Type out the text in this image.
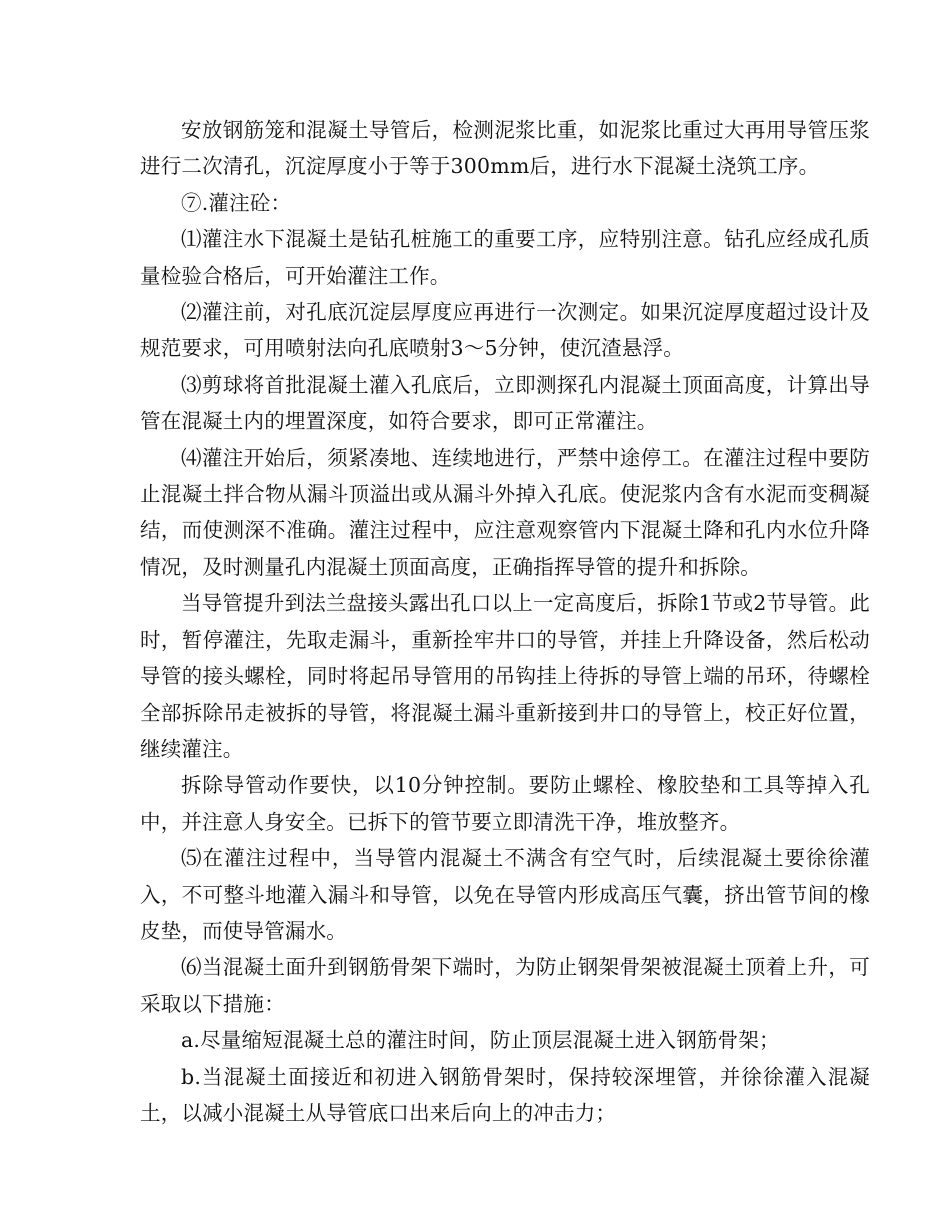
安放钢筋笼和混凝土导管后，检测泥浆比重，如泥浆比重过大再用导管压浆进行二次清孔，沉淀厚度小于等于300mm后，进行水下混凝土浇筑工序。

⑦.灌注砼：

⑴灌注水下混凝土是钻孔桩施工的重要工序，应特别注意。钻孔应经成孔质量检验合格后，可开始灌注工作。

⑵灌注前，对孔底沉淀层厚度应再进行一次测定。如果沉淀厚度超过设计及规范要求，可用喷射法向孔底喷射3～5分钟，使沉渣悬浮。

⑶剪球将首批混凝土灌入孔底后，立即测探孔内混凝土顶面高度，计算出导管在混凝土内的埋置深度，如符合要求，即可正常灌注。

⑷灌注开始后，须紧凑地、连续地进行，严禁中途停工。在灌注过程中要防止混凝土拌合物从漏斗顶溢出或从漏斗外掉入孔底。使泥浆内含有水泥而变稠凝结，而使测深不准确。灌注过程中，应注意观察管内下混凝土降和孔内水位升降情况，及时测量孔内混凝土顶面高度，正确指挥导管的提升和拆除。

当导管提升到法兰盘接头露出孔口以上一定高度后，拆除1节或2节导管。此时，暂停灌注，先取走漏斗，重新拴牢井口的导管，并挂上升降设备，然后松动导管的接头螺栓，同时将起吊导管用的吊钩挂上待拆的导管上端的吊环，待螺栓全部拆除吊走被拆的导管，将混凝土漏斗重新接到井口的导管上，校正好位置，继续灌注。

拆除导管动作要快，以10分钟控制。要防止螺栓、橡胶垫和工具等掉入孔中，并注意人身安全。已拆下的管节要立即清洗干净，堆放整齐。

⑸在灌注过程中，当导管内混凝土不满含有空气时，后续混凝土要徐徐灌入，不可整斗地灌入漏斗和导管，以免在导管内形成高压气囊，挤出管节间的橡皮垫，而使导管漏水。

⑹当混凝土面升到钢筋骨架下端时，为防止钢架骨架被混凝土顶着上升，可采取以下措施：

a.尽量缩短混凝土总的灌注时间，防止顶层混凝土进入钢筋骨架；

b.当混凝土面接近和初进入钢筋骨架时，保持较深埋管，并徐徐灌入混凝土，以减小混凝土从导管底口出来后向上的冲击力；
